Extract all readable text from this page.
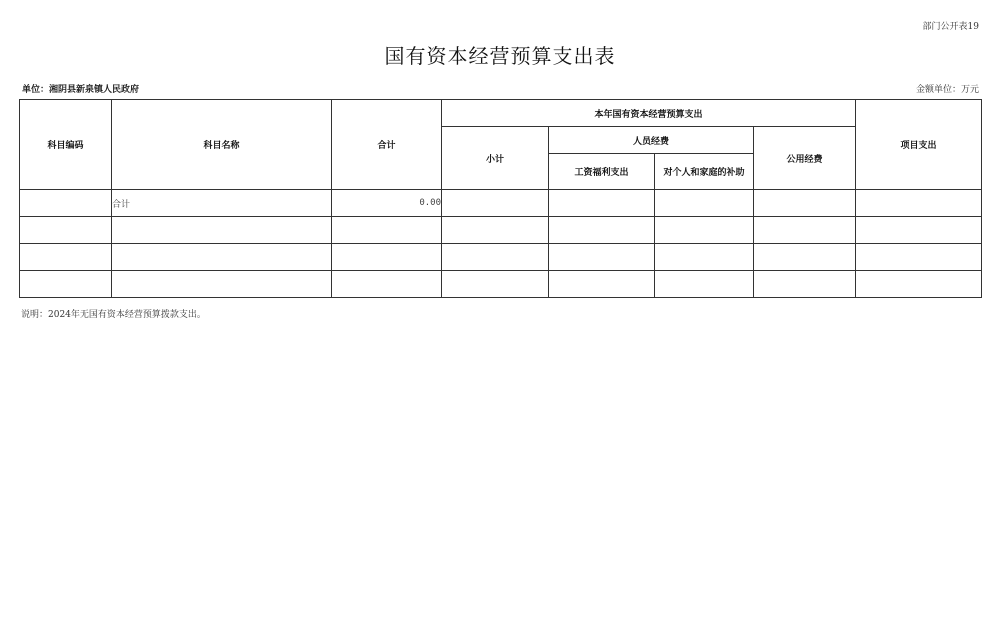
部门公开表19
国有资本经营预算支出表
单位：湘阴县新泉镇人民政府	金额单位：万元
科目编码	科目名称	合计	本年国有资本经营预算支出				项目支出
			小计	人员经费		公用经费	
				工资福利支出	对个人和家庭的补助		
	合计	0.00					

说明：2024年无国有资本经营预算拨款支出。
